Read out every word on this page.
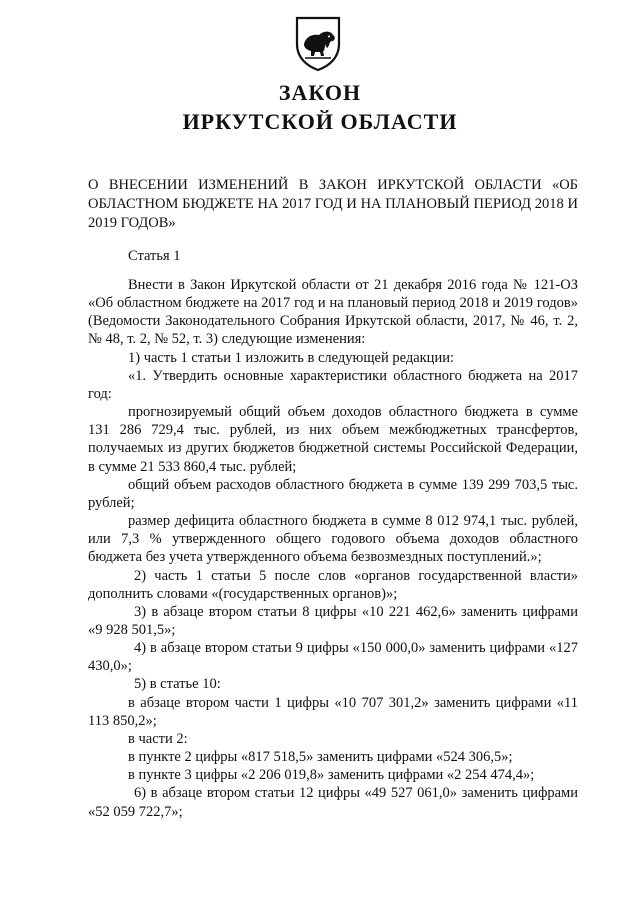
ЗАКОН
ИРКУТСКОЙ ОБЛАСТИ
О ВНЕСЕНИИ ИЗМЕНЕНИЙ В ЗАКОН ИРКУТСКОЙ ОБЛАСТИ «ОБ ОБЛАСТНОМ БЮДЖЕТЕ НА 2017 ГОД И НА ПЛАНОВЫЙ ПЕРИОД 2018 И 2019 ГОДОВ»
Статья 1

Внести в Закон Иркутской области от 21 декабря 2016 года № 121-ОЗ «Об областном бюджете на 2017 год и на плановый период 2018 и 2019 годов» (Ведомости Законодательного Собрания Иркутской области, 2017, № 46, т. 2, № 48, т. 2, № 52, т. 3) следующие изменения:

1) часть 1 статьи 1 изложить в следующей редакции:

«1. Утвердить основные характеристики областного бюджета на 2017 год:

прогнозируемый общий объем доходов областного бюджета в сумме 131 286 729,4 тыс. рублей, из них объем межбюджетных трансфертов, получаемых из других бюджетов бюджетной системы Российской Федерации, в сумме 21 533 860,4 тыс. рублей;

общий объем расходов областного бюджета в сумме 139 299 703,5 тыс. рублей;

размер дефицита областного бюджета в сумме 8 012 974,1 тыс. рублей, или 7,3 % утвержденного общего годового объема доходов областного бюджета без учета утвержденного объема безвозмездных поступлений.»;

2) часть 1 статьи 5 после слов «органов государственной власти» дополнить словами «(государственных органов)»;

3) в абзаце втором статьи 8 цифры «10 221 462,6» заменить цифрами «9 928 501,5»;

4) в абзаце втором статьи 9 цифры «150 000,0» заменить цифрами «127 430,0»;

5) в статье 10:

в абзаце втором части 1 цифры «10 707 301,2» заменить цифрами «11 113 850,2»;

в части 2:

в пункте 2 цифры «817 518,5» заменить цифрами «524 306,5»;

в пункте 3 цифры «2 206 019,8» заменить цифрами «2 254 474,4»;

6) в абзаце втором статьи 12 цифры «49 527 061,0» заменить цифрами «52 059 722,7»;
